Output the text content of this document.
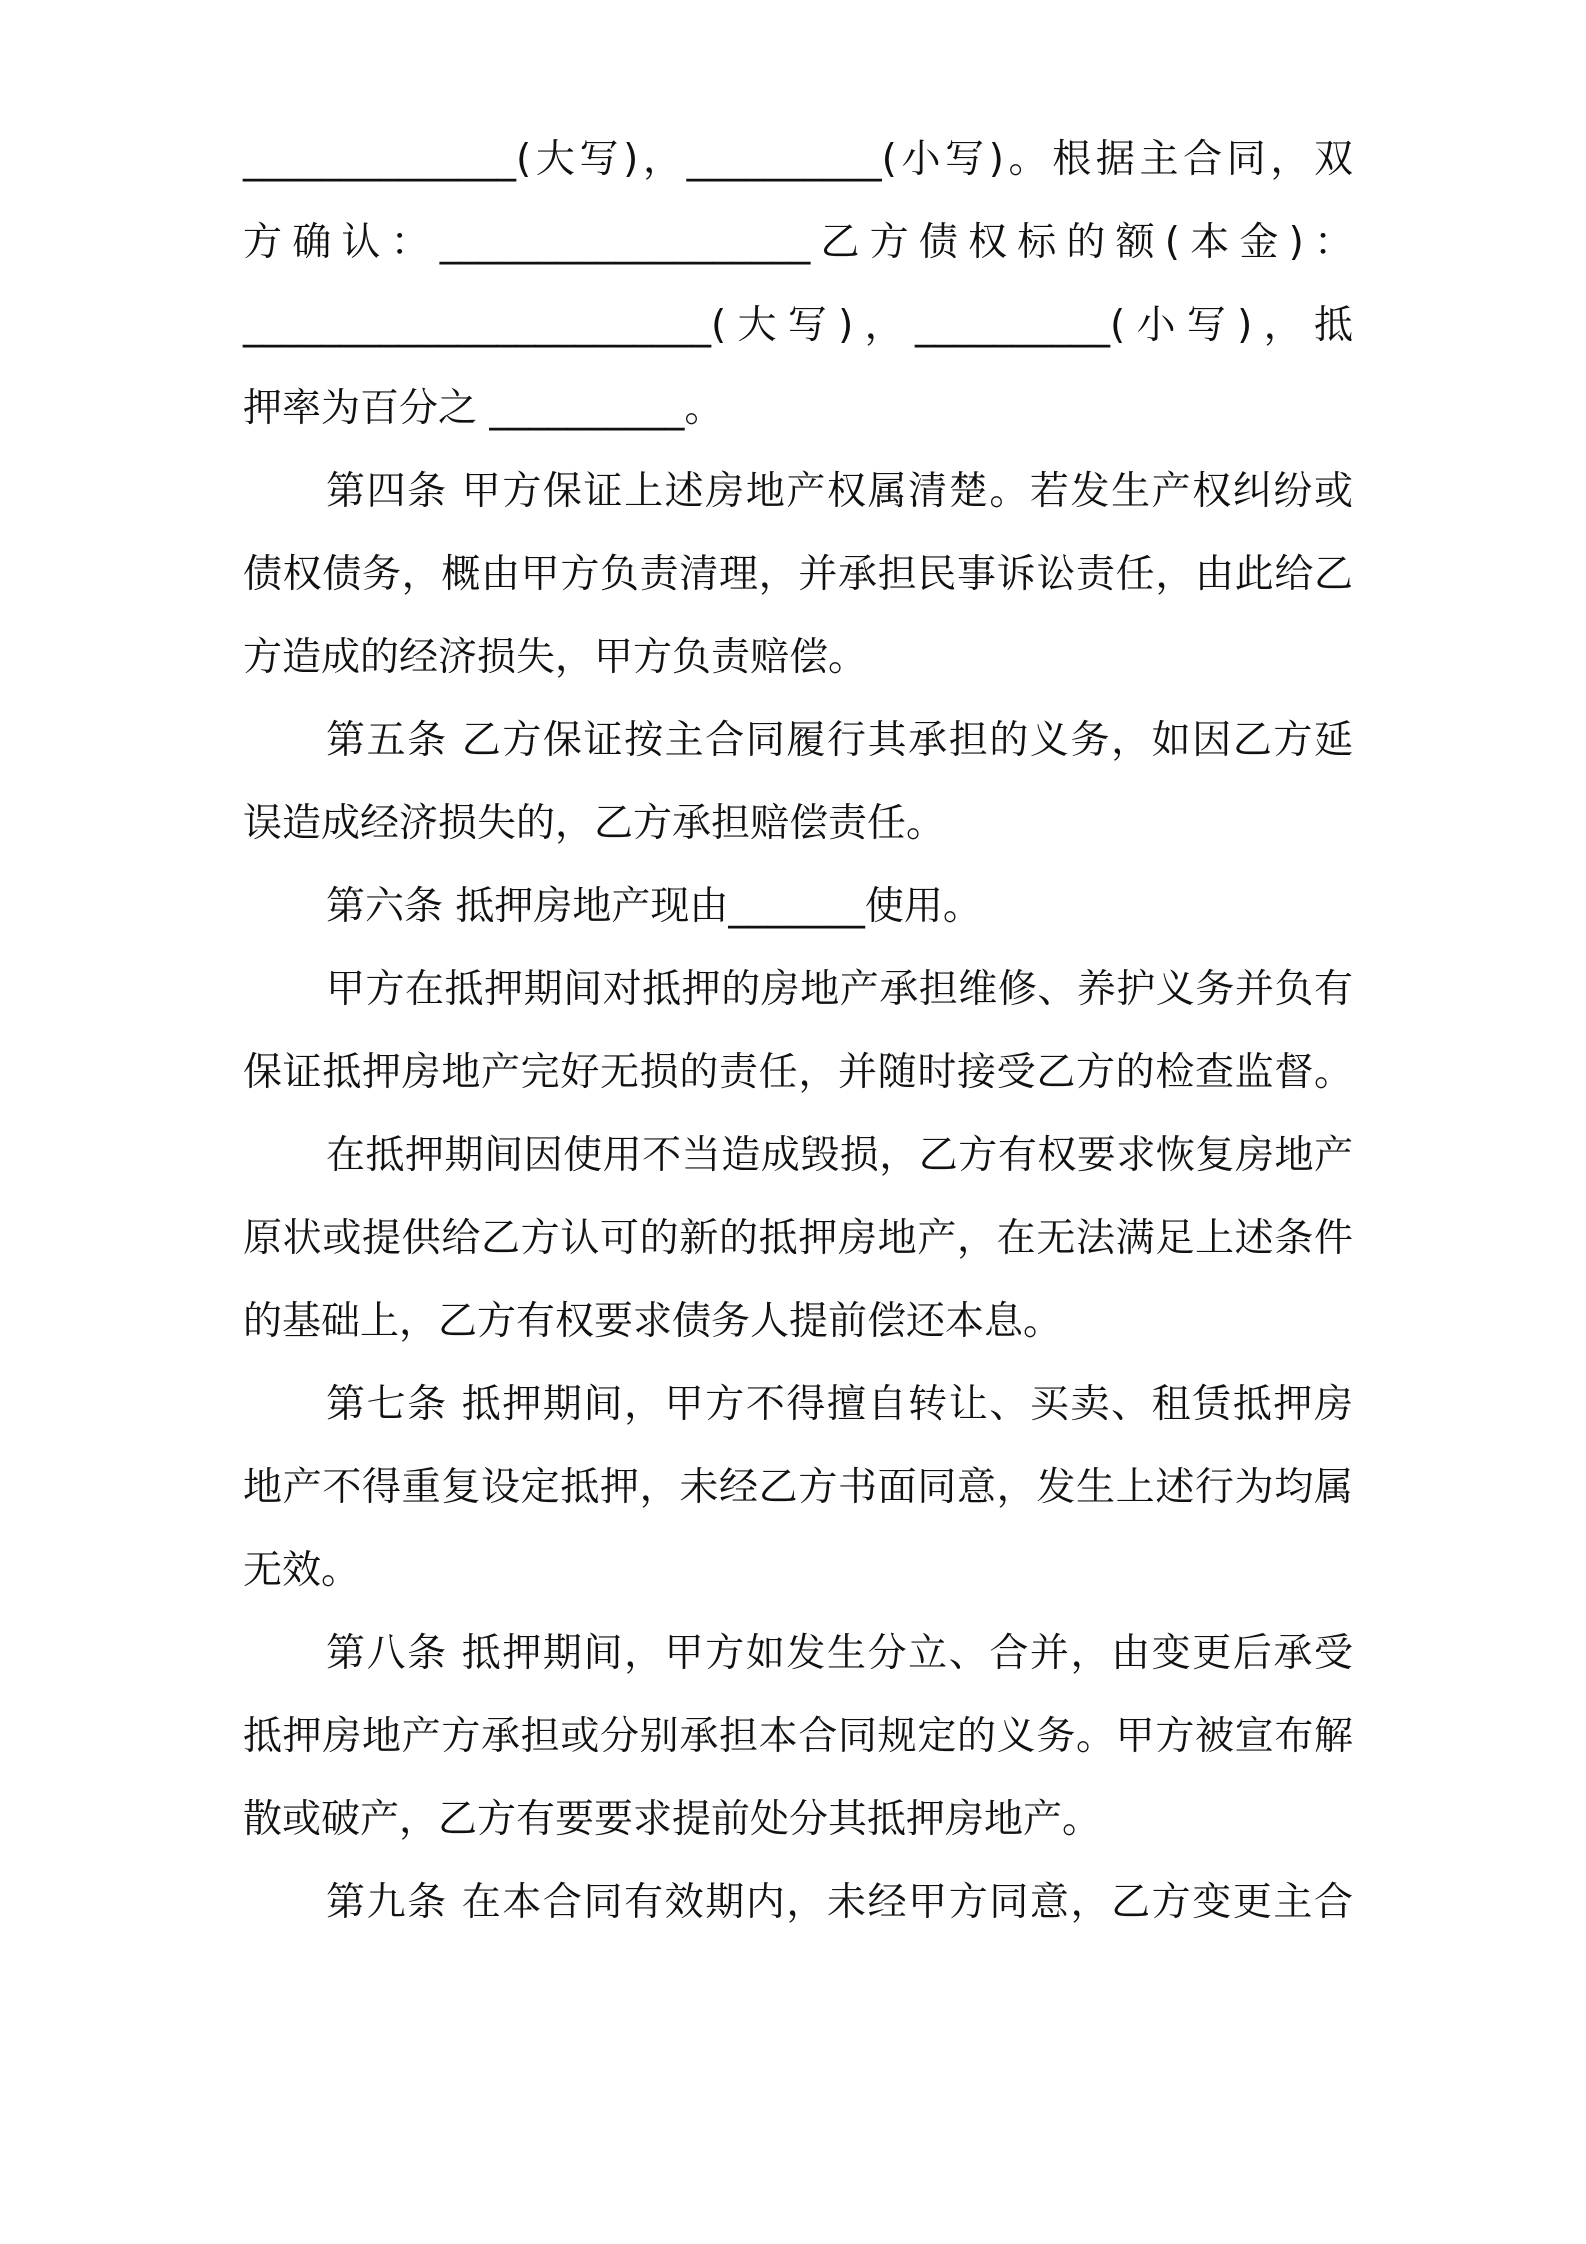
______________(大写)，__________(小写)。根据主合同，双
方确认：___________________乙方债权标的额(本金)：
________________________(大写)，__________(小写)，抵
押率为百分之 __________。
第四条 甲方保证上述房地产权属清楚。若发生产权纠纷或
债权债务，概由甲方负责清理，并承担民事诉讼责任，由此给乙
方造成的经济损失，甲方负责赔偿。
第五条 乙方保证按主合同履行其承担的义务，如因乙方延
误造成经济损失的，乙方承担赔偿责任。
第六条 抵押房地产现由_______使用。
甲方在抵押期间对抵押的房地产承担维修、养护义务并负有
保证抵押房地产完好无损的责任，并随时接受乙方的检查监督。
在抵押期间因使用不当造成毁损，乙方有权要求恢复房地产
原状或提供给乙方认可的新的抵押房地产，在无法满足上述条件
的基础上，乙方有权要求债务人提前偿还本息。
第七条 抵押期间，甲方不得擅自转让、买卖、租赁抵押房
地产不得重复设定抵押，未经乙方书面同意，发生上述行为均属
无效。
第八条 抵押期间，甲方如发生分立、合并，由变更后承受
抵押房地产方承担或分别承担本合同规定的义务。甲方被宣布解
散或破产，乙方有要要求提前处分其抵押房地产。
第九条 在本合同有效期内，未经甲方同意，乙方变更主合
